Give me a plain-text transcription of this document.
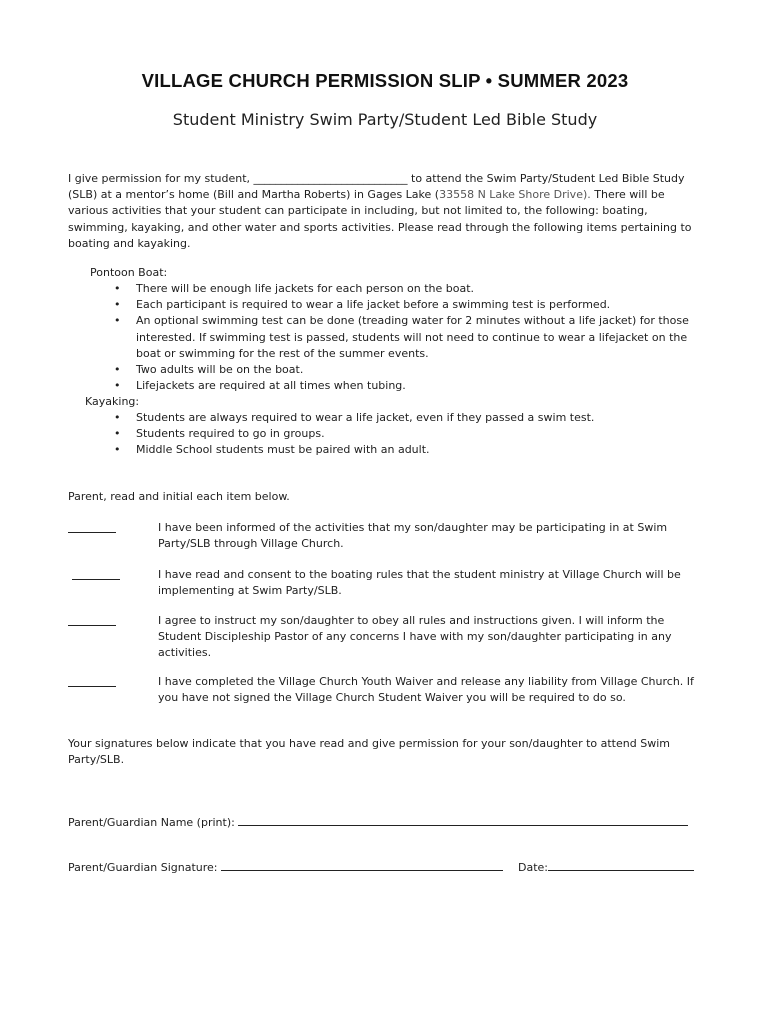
VILLAGE CHURCH PERMISSION SLIP • SUMMER 2023
Student Ministry Swim Party/Student Led Bible Study
I give permission for my student, ____________________________ to attend the Swim Party/Student Led Bible Study (SLB) at a mentor’s home (Bill and Martha Roberts) in Gages Lake (33558 N Lake Shore Drive). There will be various activities that your student can participate in including, but not limited to, the following: boating, swimming, kayaking, and other water and sports activities. Please read through the following items pertaining to boating and kayaking.
Pontoon Boat:
• There will be enough life jackets for each person on the boat.
• Each participant is required to wear a life jacket before a swimming test is performed.
• An optional swimming test can be done (treading water for 2 minutes without a life jacket) for those interested. If swimming test is passed, students will not need to continue to wear a lifejacket on the boat or swimming for the rest of the summer events.
• Two adults will be on the boat.
• Lifejackets are required at all times when tubing.
Kayaking:
• Students are always required to wear a life jacket, even if they passed a swim test.
• Students required to go in groups.
• Middle School students must be paired with an adult.
Parent, read and initial each item below.
I have been informed of the activities that my son/daughter may be participating in at Swim Party/SLB through Village Church.
I have read and consent to the boating rules that the student ministry at Village Church will be implementing at Swim Party/SLB.
I agree to instruct my son/daughter to obey all rules and instructions given. I will inform the Student Discipleship Pastor of any concerns I have with my son/daughter participating in any activities.
I have completed the Village Church Youth Waiver and release any liability from Village Church. If you have not signed the Village Church Student Waiver you will be required to do so.
Your signatures below indicate that you have read and give permission for your son/daughter to attend Swim Party/SLB.
Parent/Guardian Name (print):
Parent/Guardian Signature:	Date:
